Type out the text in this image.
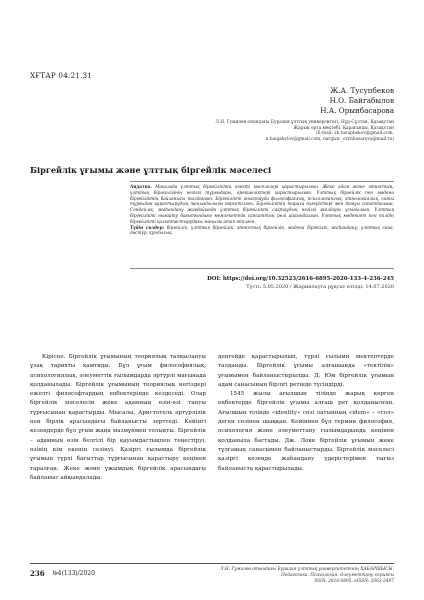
ХҒТАР 04.21.31
Ж.А. Тусупбеков
Н.О. Байгабылов
Н.А. Орынбасарова
Л.Н. Гумилев атындағы Еуразия ұлттық университеті, Нұр-Сұлтан, Қазақстан
Жарық орта мектебі, Қарағанды, Қазақстан
(E-mail: zh.tusupbekov@gmail.com,
n.baigabylov@gmail.com, nargiza-_orynbasarova@mail.ru)
Біргейлік ұғымы және ұлттық біргейлік мәселесі
Аңдатпа. Мақалада ұлттық біргейліктің өзекті мәселелері қарастырылған. Жеке адам және этностың, ұлттың біргейлігінің негізгі тұрғыдары, ерекшеліктері қарастырылған. Ұлттық біргейлік пен мәдени біргейліктің байланысы талданған. Біргейлікті анықтауда философиялық, психологиялық, этнологиялық, саяси тұрғыдан қарастырудың маңыздылығы көрсетілген. Біргейліктің тарихи өзгерістері мен дамуы сипатталған. Сондай-ақ, жаһандану жағдайында ұлттық біргейлікті сақтаудың негізгі жолдары ұсынылған. Ұлттық біргейлікті нығайту бағытындағы мемлекеттік саясаттың рөлі айқындалған. Ұлттық мәдениет пен тілдің біргейлікті қалыптастырудағы маңызы атап өтілген.
Түйін сөздер: біргейлік, ұлттық біргейлік, этностық біргейлік, мәдени біргейлік, жаһандану, ұлттық сана, дәстүр, құндылық.
DOI: https://doi.org/10.32523/2616-6895-2020-133-4-236-245
Түсті: 5.05.2020 / Жариялауға рұқсат етілді: 14.07.2020

Кіріспе. Біргейлік ұғымының теориялық талқылануы ұзақ тарихты қамтиды. Бұл ұғым философиялық, психологиялық, әлеуметтік ғылымдарда әртүрлі мағынада қолданылады. Біргейлік ұғымының теориялық негіздері ежелгі философтардың еңбектерінде кездеседі. Олар біргейлік мәселесін жеке адамның өзін-өзі тануы тұрғысынан қарастырды. Мысалы, Аристотель әртүрлілік пен бірлік арасындағы байланысты зерттеді. Кейінгі кезеңдерде бұл ұғым жаңа мазмұнмен толықты. Біргейлік – адамның өзін белгілі бір қауымдастықпен теңестіруі, өзінің кім екенін сезінуі. Қазіргі ғылымда біргейлік ұғымын түрлі бағыттар тұрғысынан қарастыру кеңінен таралған. Жеке және ұжымдық біргейлік арасындағы байланыс айқындалады.

деңгейде қарастырылып, түрлі ғылыми мектептерде талданды. Біргейлік ұғымы алғашында «тектілік» ұғымымен байланыстырылды. Д. Юм біргейлік ұғымын адам санасының бірлігі ретінде түсіндірді.

1545 жылы ағылшын тілінде жарық көрген еңбектерде біргейлік ұғымы алғаш рет қолданылған. Ағылшын тілінде «identity» сөзі латынның «idem» – «сол» деген сөзінен шыққан. Кейіннен бұл термин философия, психология және әлеуметтану ғылымдарында кеңінен қолданыла бастады. Дж. Локк біргейлік ұғымын жеке тұлғаның санасымен байланыстырды. Біргейлік мәселесі қазіргі кезеңде жаһандану үдерістерімен тығыз байланыста қарастырылады.

236 №4(133)/2020
Л.Н. Гумилев атындағы Еуразия ұлттық университетінің ХАБАРШЫСЫ.
Педагогика. Психология. Әлеуметтану сериясы
ISSN: 2616-6895, eISSN: 2663-2497
